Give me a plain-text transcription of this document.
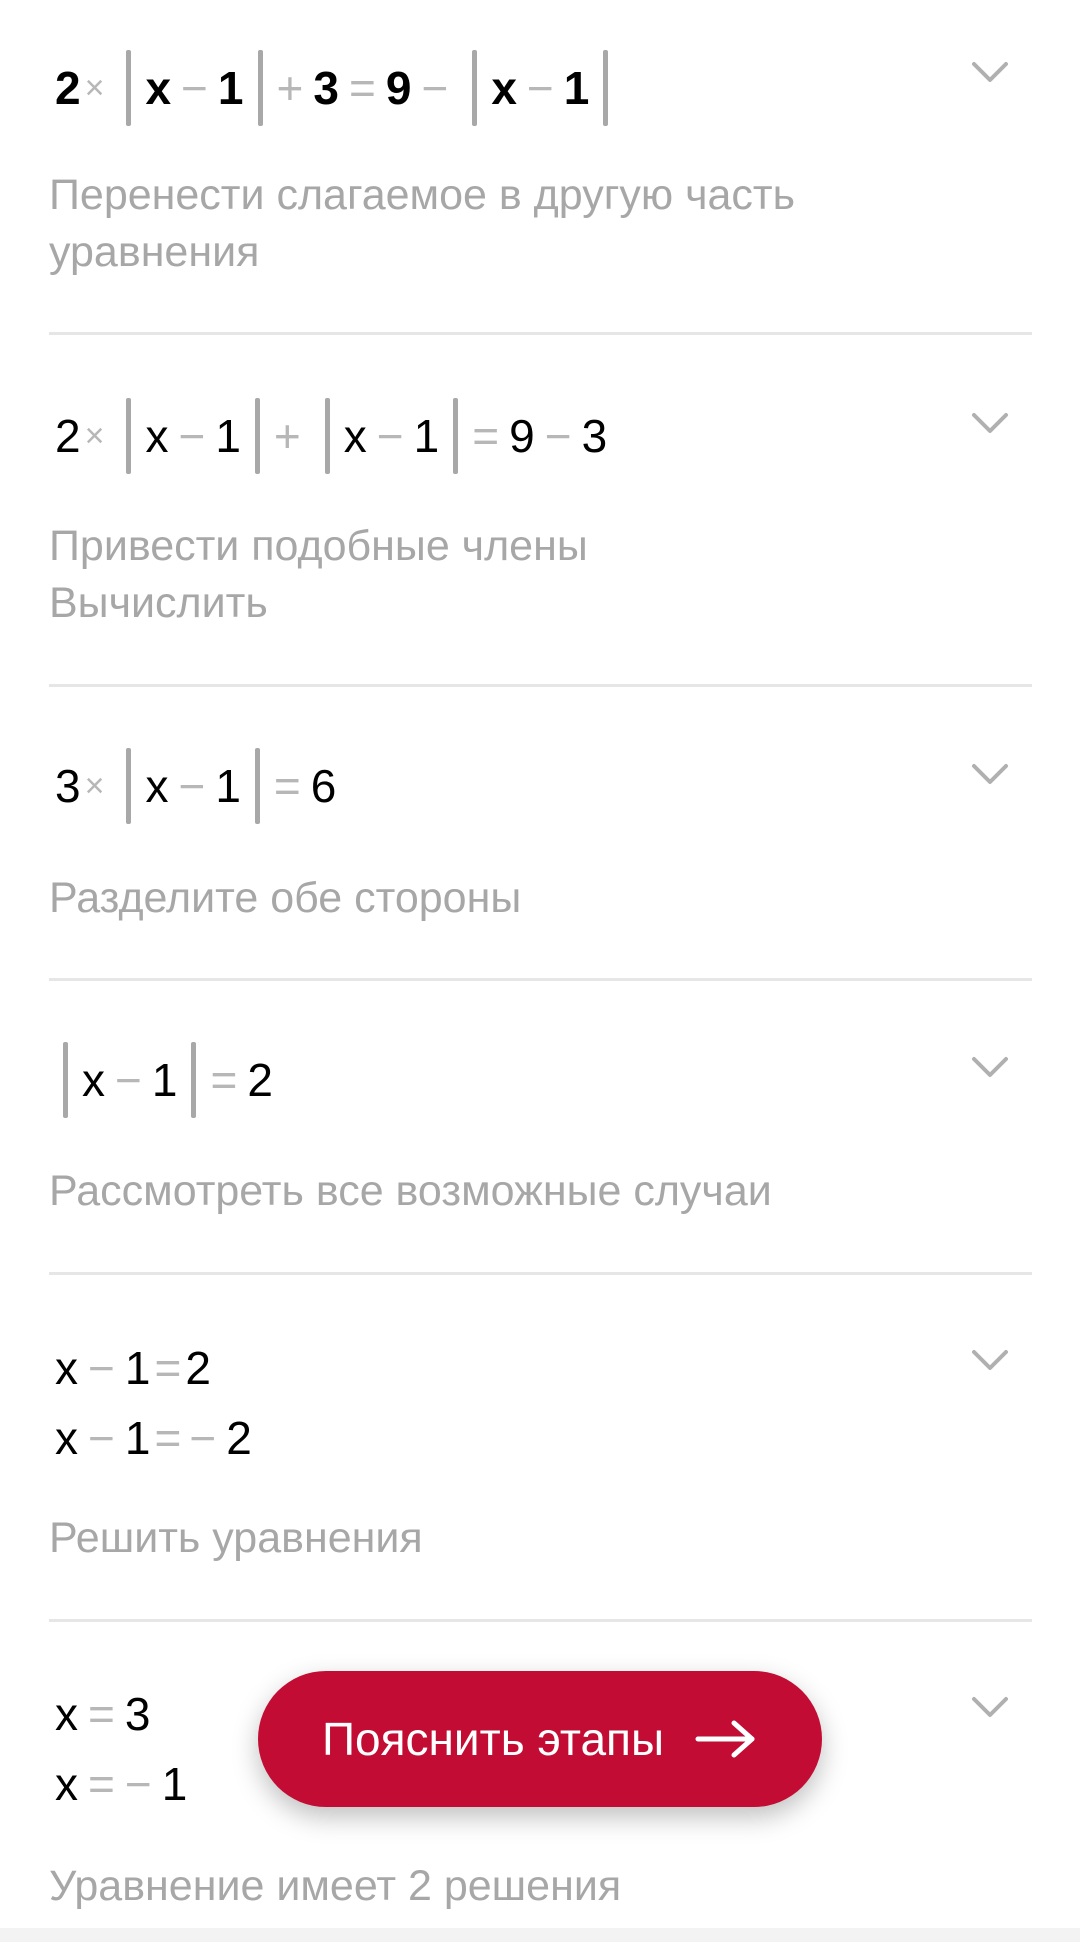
2 × x − 1 + 3 = 9 − x − 1
Перенести слагаемое в другую часть
уравнения
2 × x − 1 + x − 1 = 9 − 3
Привести подобные члены
Вычислить
3 × x − 1 = 6
Разделите обе стороны
x − 1 = 2
Рассмотреть все возможные случаи
x − 1 = 2
x − 1 = − 2
Решить уравнения
x = 3
x = − 1
Уравнение имеет 2 решения
Пояснить этапы
